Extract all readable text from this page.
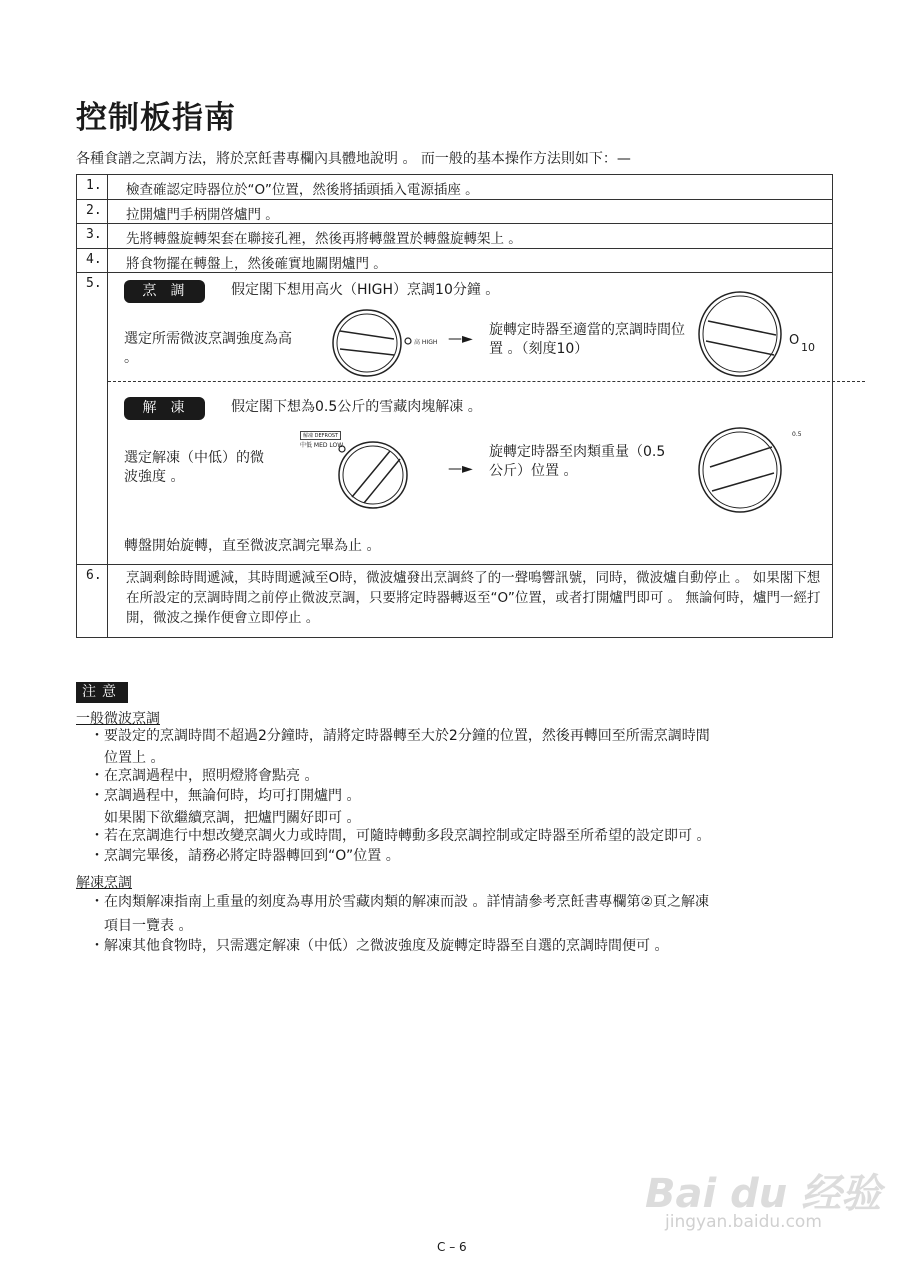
控制板指南
各種食譜之烹調方法，將於烹飪書專欄內具體地說明 。 而一般的基本操作方法則如下：—
1.	檢查確認定時器位於“O”位置，然後將插頭插入電源插座 。
2.	拉開爐門手柄開啓爐門 。
3.	先將轉盤旋轉架套在聯接孔裡，然後再將轉盤置於轉盤旋轉架上 。
4.	將食物擺在轉盤上，然後確實地關閉爐門 。
5.	烹調	假定閣下想用高火（HIGH）烹調10分鐘 。
選定所需微波烹調強度為高 。
高 HIGH —►
旋轉定時器至適當的烹調時間位置 。（刻度10）
O 10
解凍	假定閣下想為0.5公斤的雪藏肉塊解凍 。
選定解凍（中低）的微波強度 。
解凍 DEFROST
中低 MED LOW
—►
旋轉定時器至肉類重量（0.5公斤）位置 。
0.5
轉盤開始旋轉，直至微波烹調完畢為止 。
6.	烹調剩餘時間遞減，其時間遞減至O時，微波爐發出烹調終了的一聲鳴響訊號，同時，微波爐自動停止 。 如果閣下想在所設定的烹調時間之前停止微波烹調，只要將定時器轉返至“O”位置，或者打開爐門即可 。 無論何時，爐門一經打開，微波之操作便會立即停止 。
注意
一般微波烹調
・要設定的烹調時間不超過2分鐘時，請將定時器轉至大於2分鐘的位置，然後再轉回至所需烹調時間
位置上 。
・在烹調過程中，照明燈將會點亮 。
・烹調過程中，無論何時，均可打開爐門 。
如果閣下欲繼續烹調，把爐門關好即可 。
・若在烹調進行中想改變烹調火力或時間，可隨時轉動多段烹調控制或定時器至所希望的設定即可 。
・烹調完畢後，請務必將定時器轉回到“O”位置 。
解凍烹調
・在肉類解凍指南上重量的刻度為專用於雪藏肉類的解凍而設 。詳情請參考烹飪書專欄第②頁之解凍
項目一覽表 。
・解凍其他食物時，只需選定解凍（中低）之微波強度及旋轉定時器至自選的烹調時間便可 。
Bai du 经验
jingyan.baidu.com
C – 6
